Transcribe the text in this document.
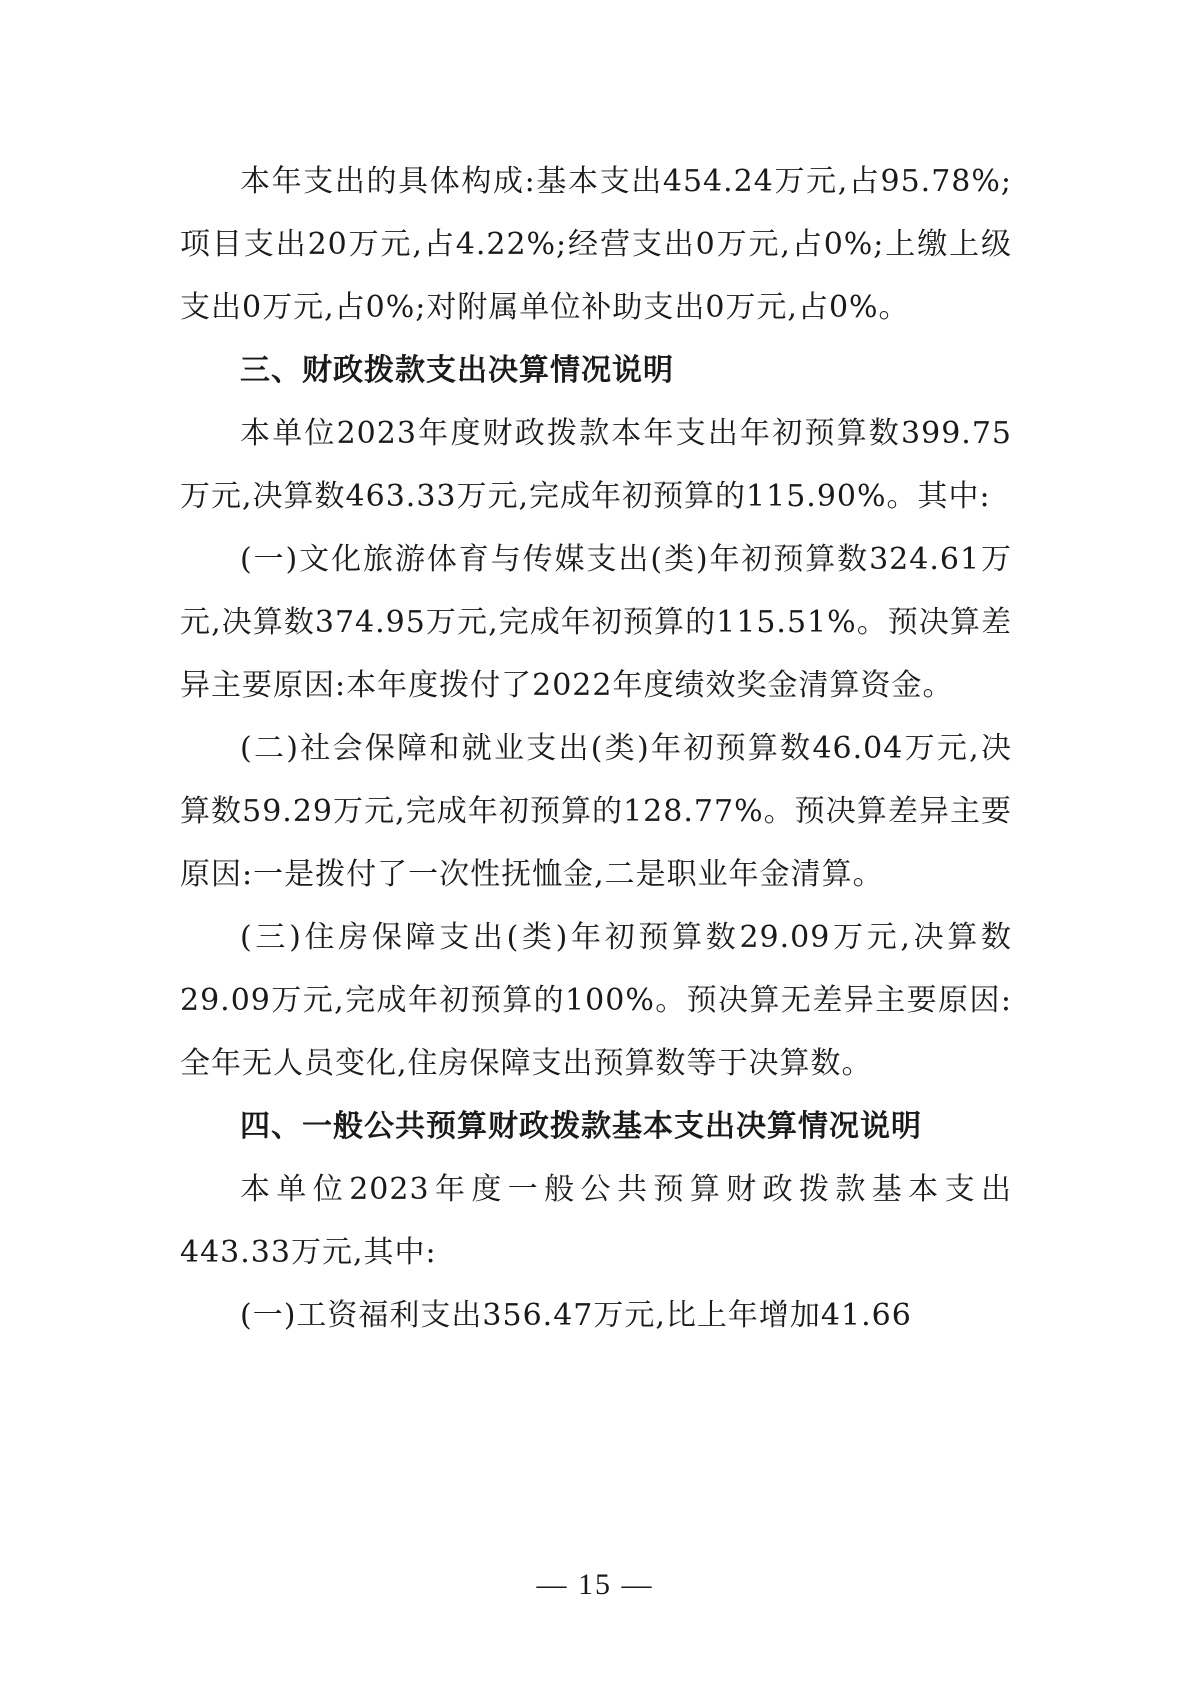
本年支出的具体构成:基本支出454.24万元,占95.78%;项目支出20万元,占4.22%;经营支出0万元,占0%;上缴上级支出0万元,占0%;对附属单位补助支出0万元,占0%。

三、财政拨款支出决算情况说明

本单位2023年度财政拨款本年支出年初预算数399.75万元,决算数463.33万元,完成年初预算的115.90%。其中:

(一)文化旅游体育与传媒支出(类)年初预算数324.61万元,决算数374.95万元,完成年初预算的115.51%。预决算差异主要原因:本年度拨付了2022年度绩效奖金清算资金。

(二)社会保障和就业支出(类)年初预算数46.04万元,决算数59.29万元,完成年初预算的128.77%。预决算差异主要原因:一是拨付了一次性抚恤金,二是职业年金清算。

(三)住房保障支出(类)年初预算数29.09万元,决算数29.09万元,完成年初预算的100%。预决算无差异主要原因:全年无人员变化,住房保障支出预算数等于决算数。

四、一般公共预算财政拨款基本支出决算情况说明

本单位2023年度一般公共预算财政拨款基本支出443.33万元,其中:

(一)工资福利支出356.47万元,比上年增加41.66

— 15 —
